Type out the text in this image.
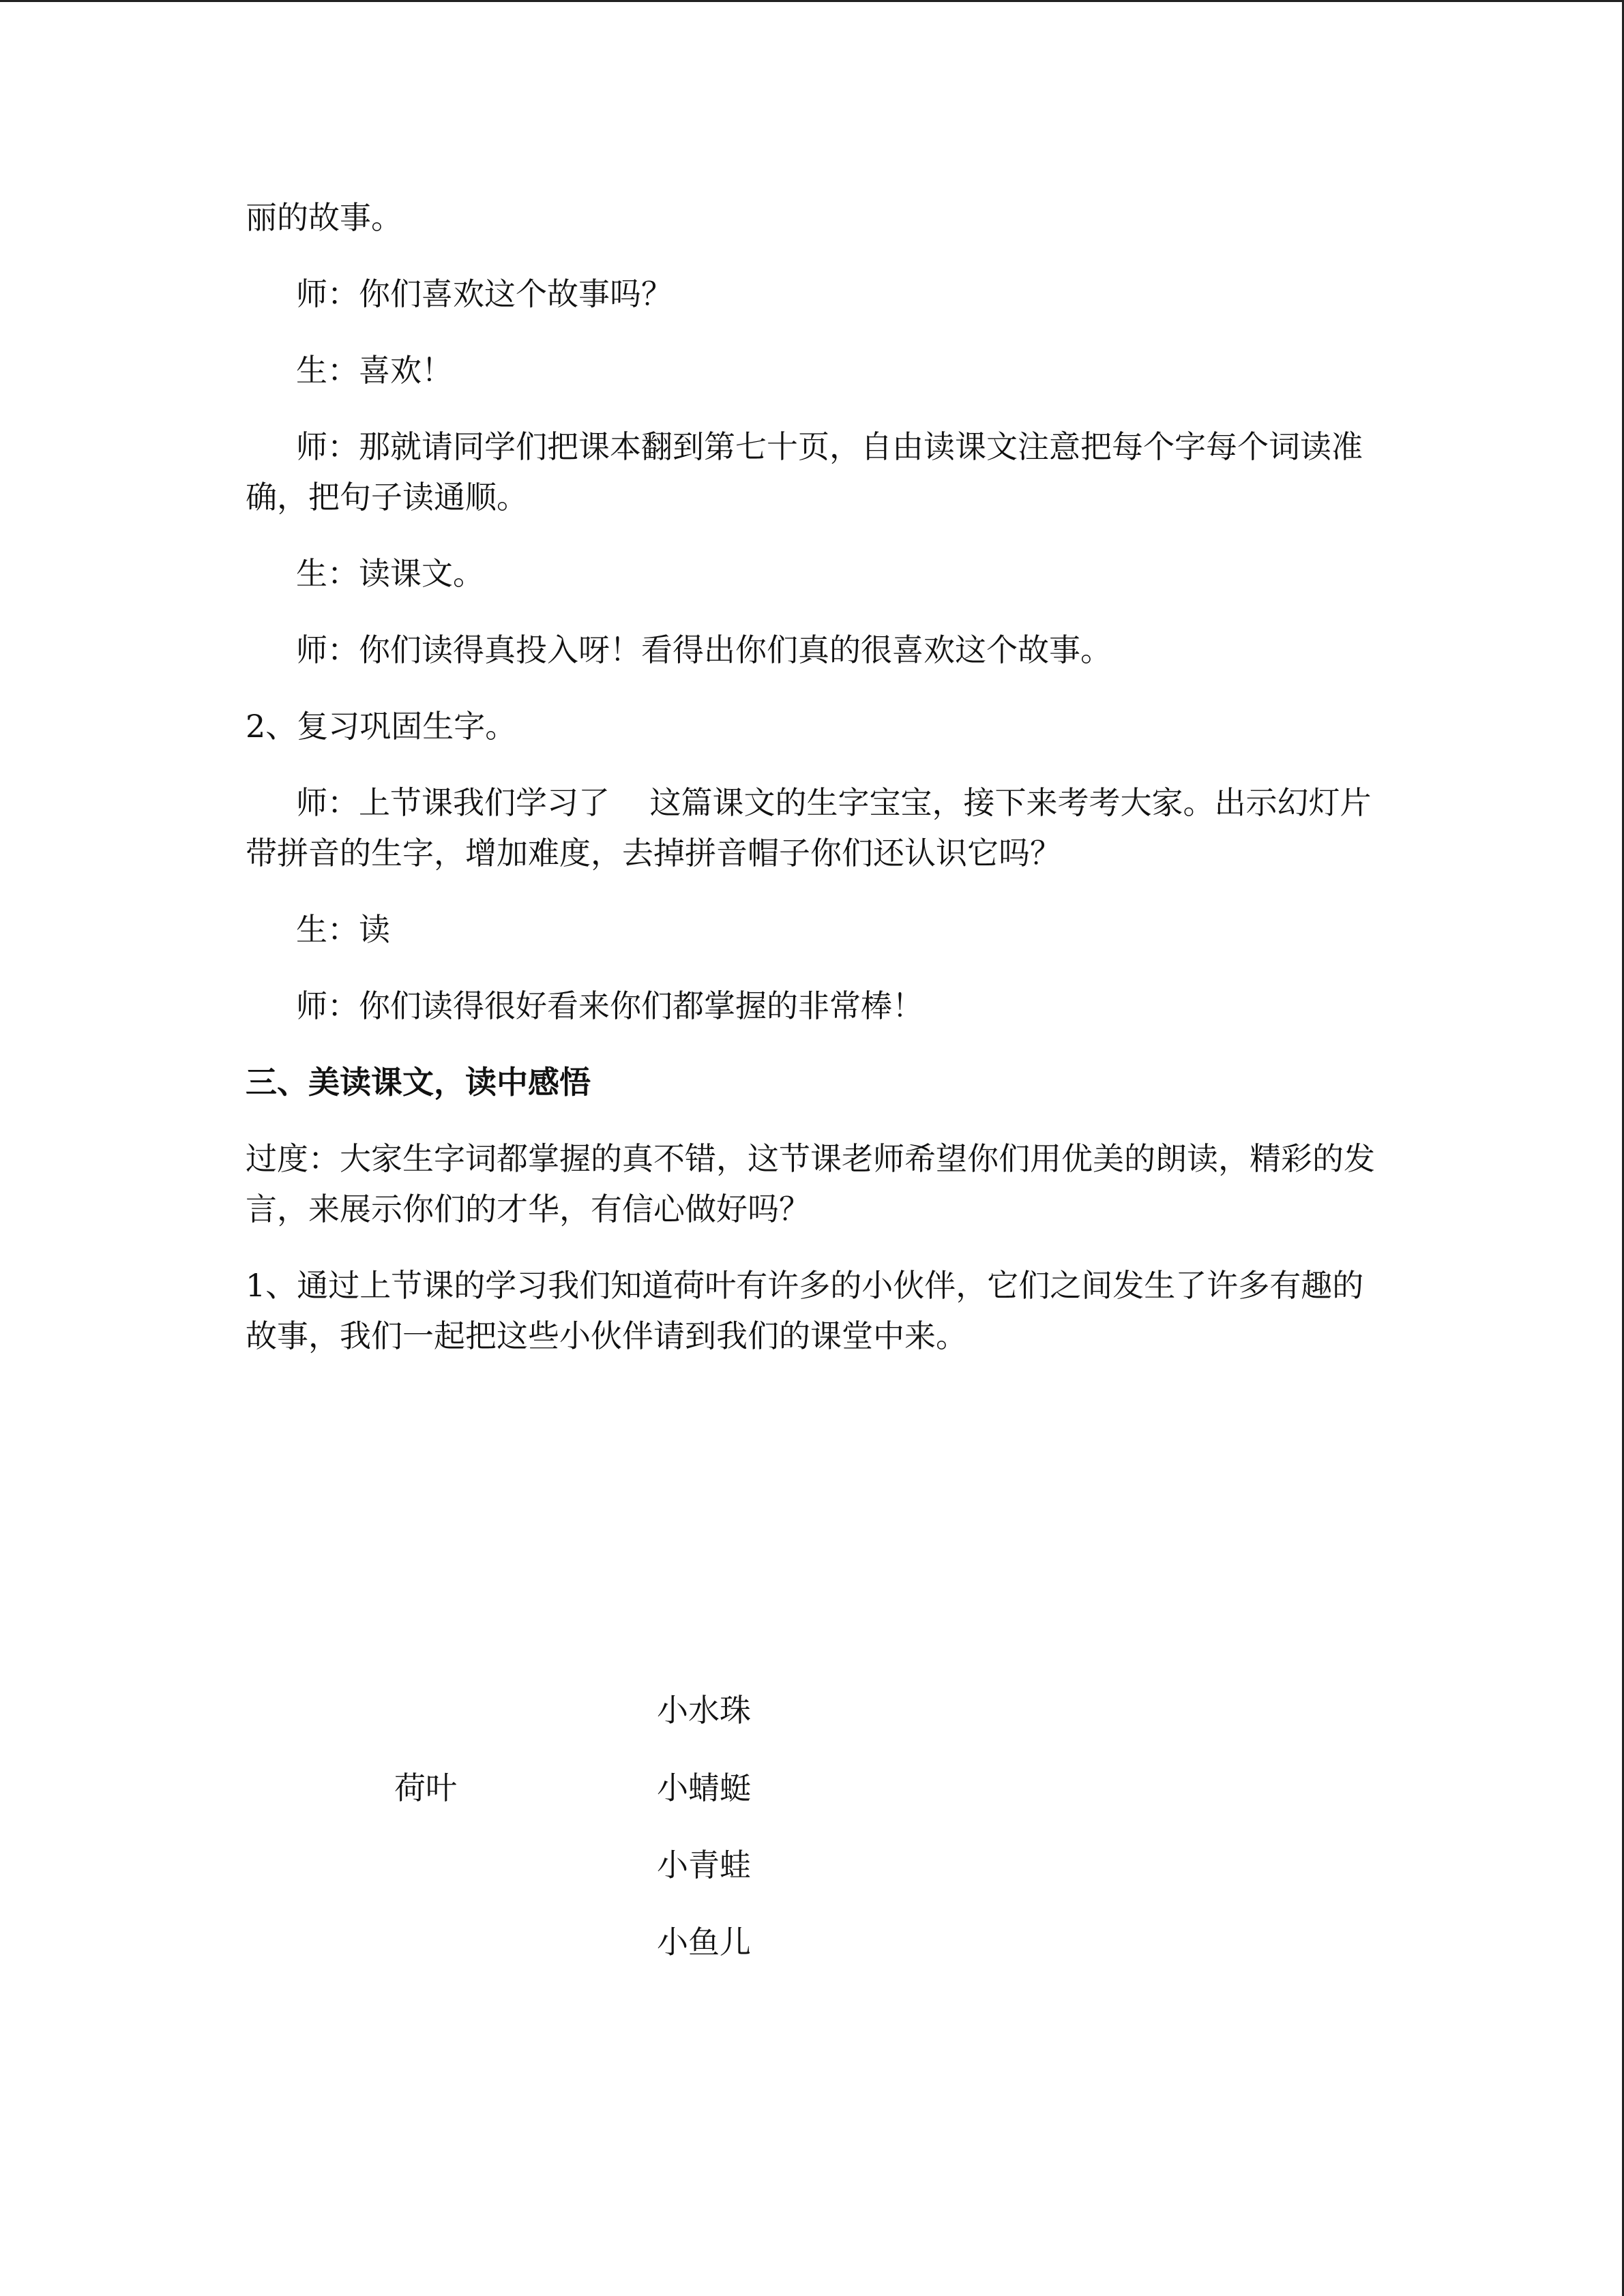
丽的故事。

师：你们喜欢这个故事吗？

生：喜欢！

师：那就请同学们把课本翻到第七十页，自由读课文注意把每个字每个词读准确，把句子读通顺。

生：读课文。

师：你们读得真投入呀！看得出你们真的很喜欢这个故事。

2、复习巩固生字。

师：上节课我们学习了    这篇课文的生字宝宝，接下来考考大家。出示幻灯片带拼音的生字，增加难度，去掉拼音帽子你们还认识它吗？

生：读

师：你们读得很好看来你们都掌握的非常棒！

三、美读课文，读中感悟

过度：大家生字词都掌握的真不错，这节课老师希望你们用优美的朗读，精彩的发言，来展示你们的才华，有信心做好吗？

1、通过上节课的学习我们知道荷叶有许多的小伙伴，它们之间发生了许多有趣的故事，我们一起把这些小伙伴请到我们的课堂中来。

荷叶
小水珠
小蜻蜓
小青蛙
小鱼儿
